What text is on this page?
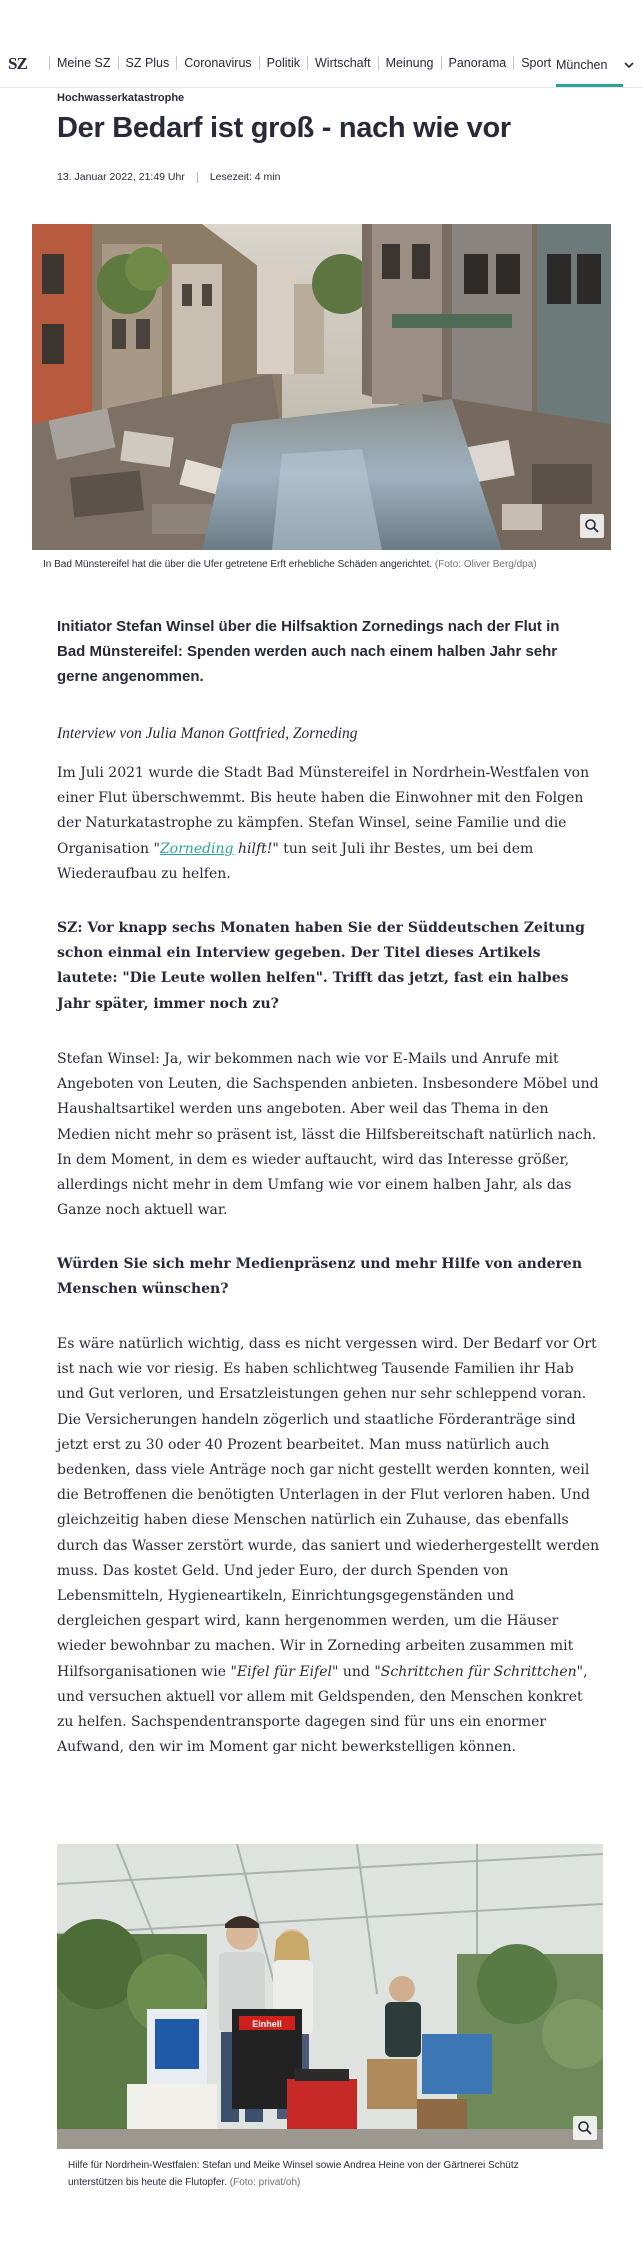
SZ	Meine SZ	SZ Plus	Coronavirus	Politik	Wirtschaft	Meinung	Panorama	Sport München
Hochwasserkatastrophe
Der Bedarf ist groß - nach wie vor
13. Januar 2022, 21:49 Uhr Lesezeit: 4 min
In Bad Münstereifel hat die über die Ufer getretene Erft erhebliche Schäden angerichtet. (Foto: Oliver Berg/dpa)

Initiator Stefan Winsel über die Hilfsaktion Zornedings nach der Flut in Bad Münstereifel: Spenden werden auch nach einem halben Jahr sehr gerne angenommen.

Interview von Julia Manon Gottfried, Zorneding

Im Juli 2021 wurde die Stadt Bad Münstereifel in Nordrhein-Westfalen von einer Flut überschwemmt. Bis heute haben die Einwohner mit den Folgen der Naturkatastrophe zu kämpfen. Stefan Winsel, seine Familie und die Organisation "Zorneding hilft!" tun seit Juli ihr Bestes, um bei dem Wiederaufbau zu helfen.

SZ: Vor knapp sechs Monaten haben Sie der Süddeutschen Zeitung schon einmal ein Interview gegeben. Der Titel dieses Artikels lautete: "Die Leute wollen helfen". Trifft das jetzt, fast ein halbes Jahr später, immer noch zu?

Stefan Winsel: Ja, wir bekommen nach wie vor E-Mails und Anrufe mit Angeboten von Leuten, die Sachspenden anbieten. Insbesondere Möbel und Haushaltsartikel werden uns angeboten. Aber weil das Thema in den Medien nicht mehr so präsent ist, lässt die Hilfsbereitschaft natürlich nach. In dem Moment, in dem es wieder auftaucht, wird das Interesse größer, allerdings nicht mehr in dem Umfang wie vor einem halben Jahr, als das Ganze noch aktuell war.

Würden Sie sich mehr Medienpräsenz und mehr Hilfe von anderen Menschen wünschen?

Es wäre natürlich wichtig, dass es nicht vergessen wird. Der Bedarf vor Ort ist nach wie vor riesig. Es haben schlichtweg Tausende Familien ihr Hab und Gut verloren, und Ersatzleistungen gehen nur sehr schleppend voran. Die Versicherungen handeln zögerlich und staatliche Förderanträge sind jetzt erst zu 30 oder 40 Prozent bearbeitet. Man muss natürlich auch bedenken, dass viele Anträge noch gar nicht gestellt werden konnten, weil die Betroffenen die benötigten Unterlagen in der Flut verloren haben. Und gleichzeitig haben diese Menschen natürlich ein Zuhause, das ebenfalls durch das Wasser zerstört wurde, das saniert und wiederhergestellt werden muss. Das kostet Geld. Und jeder Euro, der durch Spenden von Lebensmitteln, Hygieneartikeln, Einrichtungsgegenständen und dergleichen gespart wird, kann hergenommen werden, um die Häuser wieder bewohnbar zu machen. Wir in Zorneding arbeiten zusammen mit Hilfsorganisationen wie "Eifel für Eifel" und "Schrittchen für Schrittchen", und versuchen aktuell vor allem mit Geldspenden, den Menschen konkret zu helfen. Sachspendentransporte dagegen sind für uns ein enormer Aufwand, den wir im Moment gar nicht bewerkstelligen können.

Einhell
Hilfe für Nordrhein-Westfalen: Stefan und Meike Winsel sowie Andrea Heine von der Gärtnerei Schütz unterstützen bis heute die Flutopfer. (Foto: privat/oh)
